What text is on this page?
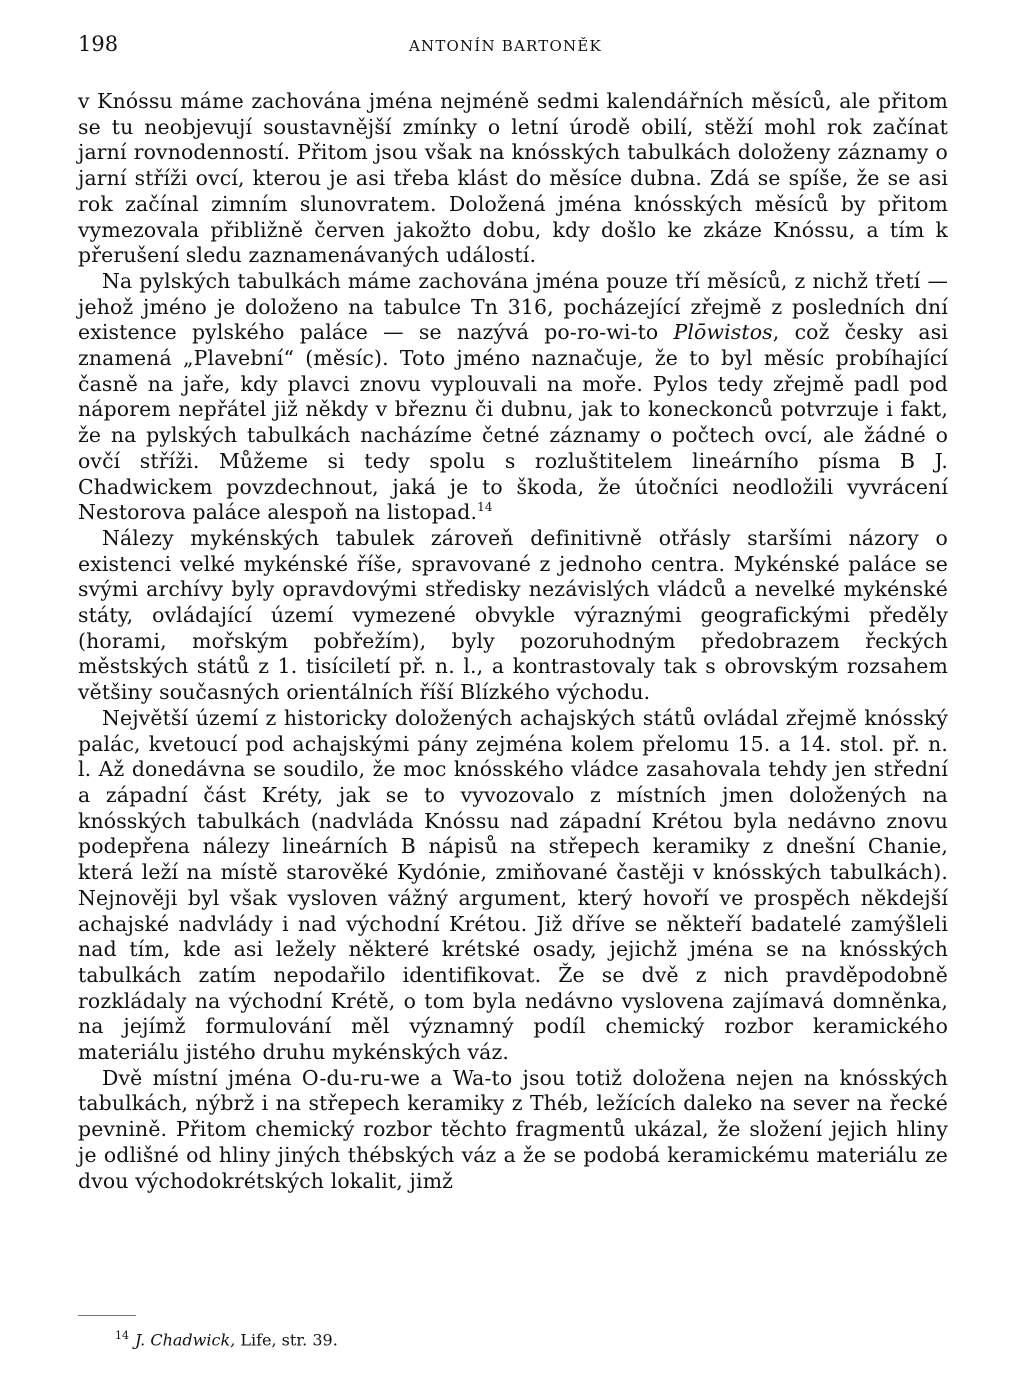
198	ANTONÍN BARTONĚK

v Knóssu máme zachována jména nejméně sedmi kalendářních měsíců, ale přitom se tu neobjevují soustavnější zmínky o letní úrodě obilí, stěží mohl rok začínat jarní rovnodenností. Přitom jsou však na knósských tabulkách doloženy záznamy o jarní stříži ovcí, kterou je asi třeba klást do měsíce dubna. Zdá se spíše, že se asi rok začínal zimním slunovratem. Doložená jména knósských měsíců by přitom vymezovala přibližně červen jakožto dobu, kdy došlo ke zkáze Knóssu, a tím k přerušení sledu zaznamenávaných událostí.

Na pylských tabulkách máme zachována jména pouze tří měsíců, z nichž třetí — jehož jméno je doloženo na tabulce Tn 316, pocházející zřejmě z posledních dní existence pylského paláce — se nazývá po-ro-wi-to Plōwistos, což česky asi znamená „Plavební“ (měsíc). Toto jméno naznačuje, že to byl měsíc probíhající časně na jaře, kdy plavci znovu vyplouvali na moře. Pylos tedy zřejmě padl pod náporem nepřátel již někdy v březnu či dubnu, jak to koneckonců potvrzuje i fakt, že na pylských tabulkách nacházíme četné záznamy o počtech ovcí, ale žádné o ovčí stříži. Můžeme si tedy spolu s rozluštitelem lineárního písma B J. Chadwickem povzdechnout, jaká je to škoda, že útočníci neodložili vyvrácení Nestorova paláce alespoň na listopad.$^{14}$

Nálezy mykénských tabulek zároveň definitivně otřásly staršími názory o existenci velké mykénské říše, spravované z jednoho centra. Mykénské paláce se svými archívy byly opravdovými středisky nezávislých vládců a nevelké mykénské státy, ovládající území vymezené obvykle výraznými geografickými předěly (horami, mořským pobřežím), byly pozoruhodným předobrazem řeckých městských států z 1. tisíciletí př. n. l., a kontrastovaly tak s obrovským rozsahem většiny současných orientálních říší Blízkého východu.

Největší území z historicky doložených achajských států ovládal zřejmě knósský palác, kvetoucí pod achajskými pány zejména kolem přelomu 15. a 14. stol. př. n. l. Až donedávna se soudilo, že moc knósského vládce zasahovala tehdy jen střední a západní část Kréty, jak se to vyvozovalo z místních jmen doložených na knósských tabulkách (nadvláda Knóssu nad západní Krétou byla nedávno znovu podepřena nálezy lineárních B nápisů na střepech keramiky z dnešní Chanie, která leží na místě starověké Kydónie, zmiňované častěji v knósských tabulkách). Nejnověji byl však vysloven vážný argument, který hovoří ve prospěch někdejší achajské nadvlády i nad východní Krétou. Již dříve se někteří badatelé zamýšleli nad tím, kde asi ležely některé krétské osady, jejichž jména se na knósských tabulkách zatím nepodařilo identifikovat. Že se dvě z nich pravděpodobně rozkládaly na východní Krétě, o tom byla nedávno vyslovena zajímavá domněnka, na jejímž formulování měl významný podíl chemický rozbor keramického materiálu jistého druhu mykénských váz.

Dvě místní jména O-du-ru-we a Wa-to jsou totiž doložena nejen na knósských tabulkách, nýbrž i na střepech keramiky z Théb, ležících daleko na sever na řecké pevnině. Přitom chemický rozbor těchto fragmentů ukázal, že složení jejich hliny je odlišné od hliny jiných thébských váz a že se podobá keramickému materiálu ze dvou východokrétských lokalit, jimž

$^{14}$ J. Chadwick, Life, str. 39.
